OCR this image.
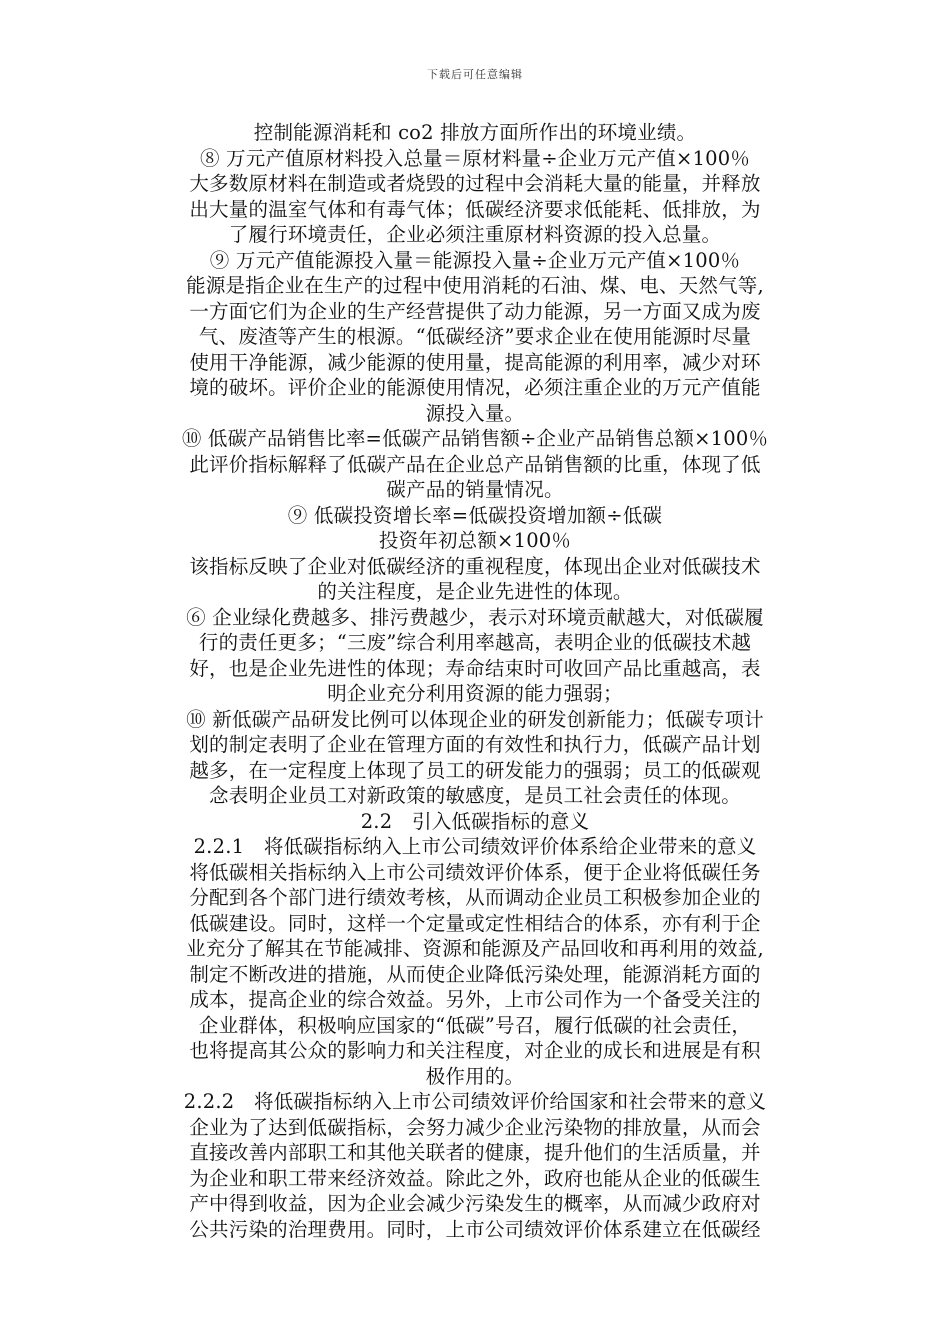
下载后可任意编辑
控制能源消耗和 co2 排放方面所作出的环境业绩。
⑧ 万元产值原材料投入总量＝原材料量÷企业万元产值×100％
大多数原材料在制造或者烧毁的过程中会消耗大量的能量，并释放
出大量的温室气体和有毒气体；低碳经济要求低能耗、低排放，为
了履行环境责任，企业必须注重原材料资源的投入总量。
⑨ 万元产值能源投入量＝能源投入量÷企业万元产值×100％
能源是指企业在生产的过程中使用消耗的石油、煤、电、天然气等,
一方面它们为企业的生产经营提供了动力能源，另一方面又成为废
气、废渣等产生的根源。“低碳经济”要求企业在使用能源时尽量
使用干净能源，减少能源的使用量，提高能源的利用率，减少对环
境的破坏。评价企业的能源使用情况，必须注重企业的万元产值能
源投入量。
⑩ 低碳产品销售比率=低碳产品销售额÷企业产品销售总额×100％
此评价指标解释了低碳产品在企业总产品销售额的比重，体现了低
碳产品的销量情况。
⑨ 低碳投资增长率=低碳投资增加额÷低碳
投资年初总额×100％
该指标反映了企业对低碳经济的重视程度，体现出企业对低碳技术
的关注程度，是企业先进性的体现。
⑥ 企业绿化费越多、排污费越少，表示对环境贡献越大，对低碳履
行的责任更多；“三废”综合利用率越高，表明企业的低碳技术越
好，也是企业先进性的体现；寿命结束时可收回产品比重越高，表
明企业充分利用资源的能力强弱；
⑩ 新低碳产品研发比例可以体现企业的研发创新能力；低碳专项计
划的制定表明了企业在管理方面的有效性和执行力，低碳产品计划
越多，在一定程度上体现了员工的研发能力的强弱；员工的低碳观
念表明企业员工对新政策的敏感度，是员工社会责任的体现。
2.2　引入低碳指标的意义
2.2.1　将低碳指标纳入上市公司绩效评价体系给企业带来的意义
将低碳相关指标纳入上市公司绩效评价体系，便于企业将低碳任务
分配到各个部门进行绩效考核，从而调动企业员工积极参加企业的
低碳建设。同时，这样一个定量或定性相结合的体系，亦有利于企
业充分了解其在节能减排、资源和能源及产品回收和再利用的效益,
制定不断改进的措施，从而使企业降低污染处理，能源消耗方面的
成本，提高企业的综合效益。另外，上市公司作为一个备受关注的
企业群体，积极响应国家的“低碳”号召，履行低碳的社会责任，
也将提高其公众的影响力和关注程度，对企业的成长和进展是有积
极作用的。
2.2.2　将低碳指标纳入上市公司绩效评价给国家和社会带来的意义
企业为了达到低碳指标，会努力减少企业污染物的排放量，从而会
直接改善内部职工和其他关联者的健康，提升他们的生活质量，并
为企业和职工带来经济效益。除此之外，政府也能从企业的低碳生
产中得到收益，因为企业会减少污染发生的概率，从而减少政府对
公共污染的治理费用。同时，上市公司绩效评价体系建立在低碳经
